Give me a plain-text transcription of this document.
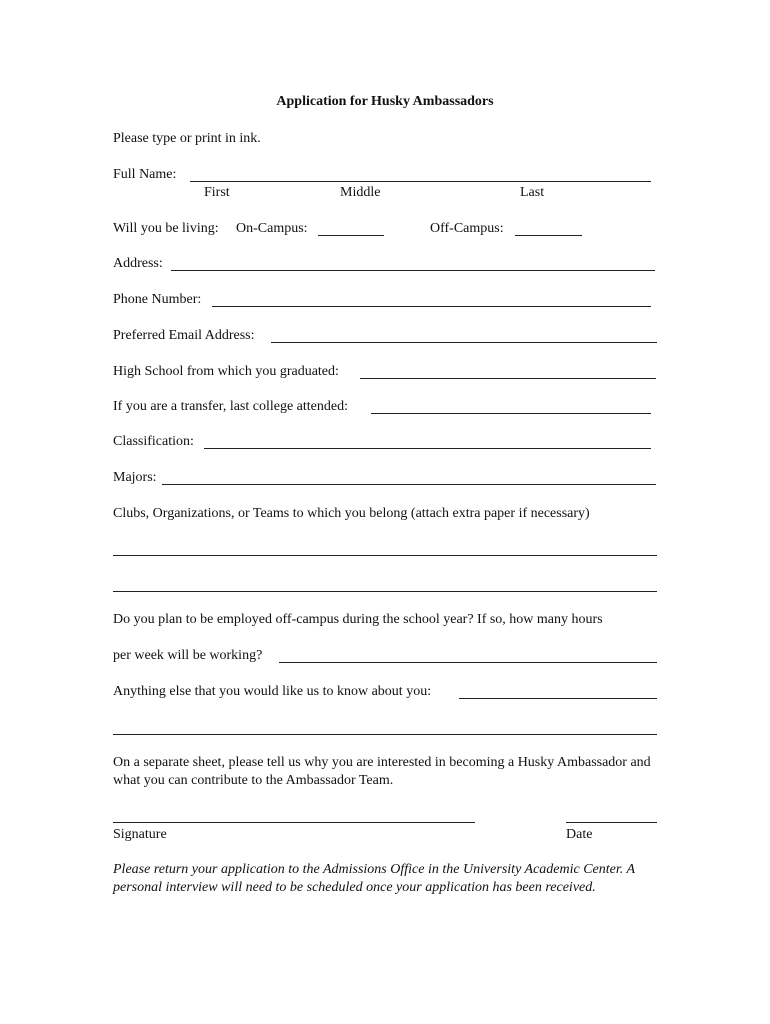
Application for Husky Ambassadors
Please type or print in ink.
Full Name:
First	Middle	Last
Will you be living: On-Campus:	Off-Campus:
Address:
Phone Number:
Preferred Email Address:
High School from which you graduated:
If you are a transfer, last college attended:
Classification:
Majors:
Clubs, Organizations, or Teams to which you belong (attach extra paper if necessary)
Do you plan to be employed off-campus during the school year? If so, how many hours
per week will be working?
Anything else that you would like us to know about you:
On a separate sheet, please tell us why you are interested in becoming a Husky Ambassador and what you can contribute to the Ambassador Team.
Signature	Date
Please return your application to the Admissions Office in the University Academic Center. A personal interview will need to be scheduled once your application has been received.
